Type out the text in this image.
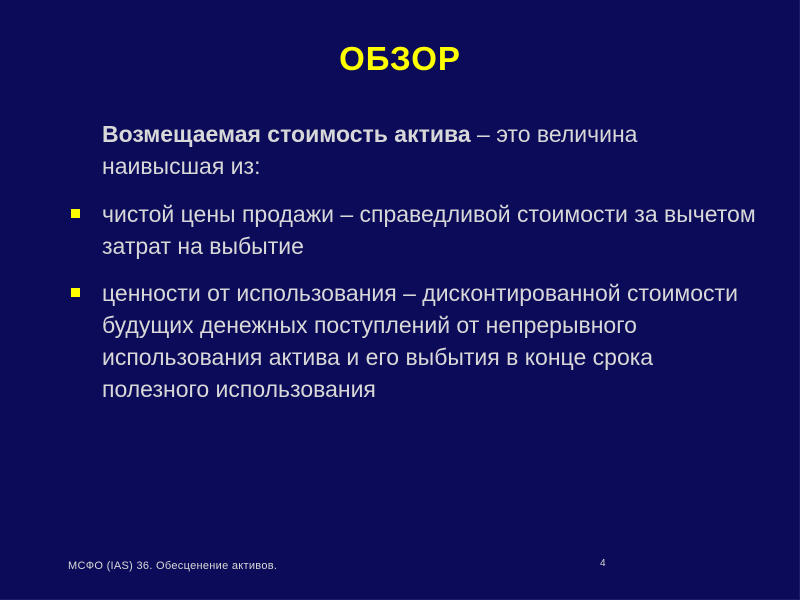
ОБЗОР
Возмещаемая стоимость актива – это величина наивысшая из:
чистой цены продажи – справедливой стоимости за вычетом затрат на выбытие
ценности от использования – дисконтированной стоимости будущих денежных поступлений от непрерывного использования актива и его выбытия в конце срока полезного использования
МСФО (IAS) 36. Обесценение активов.	4
